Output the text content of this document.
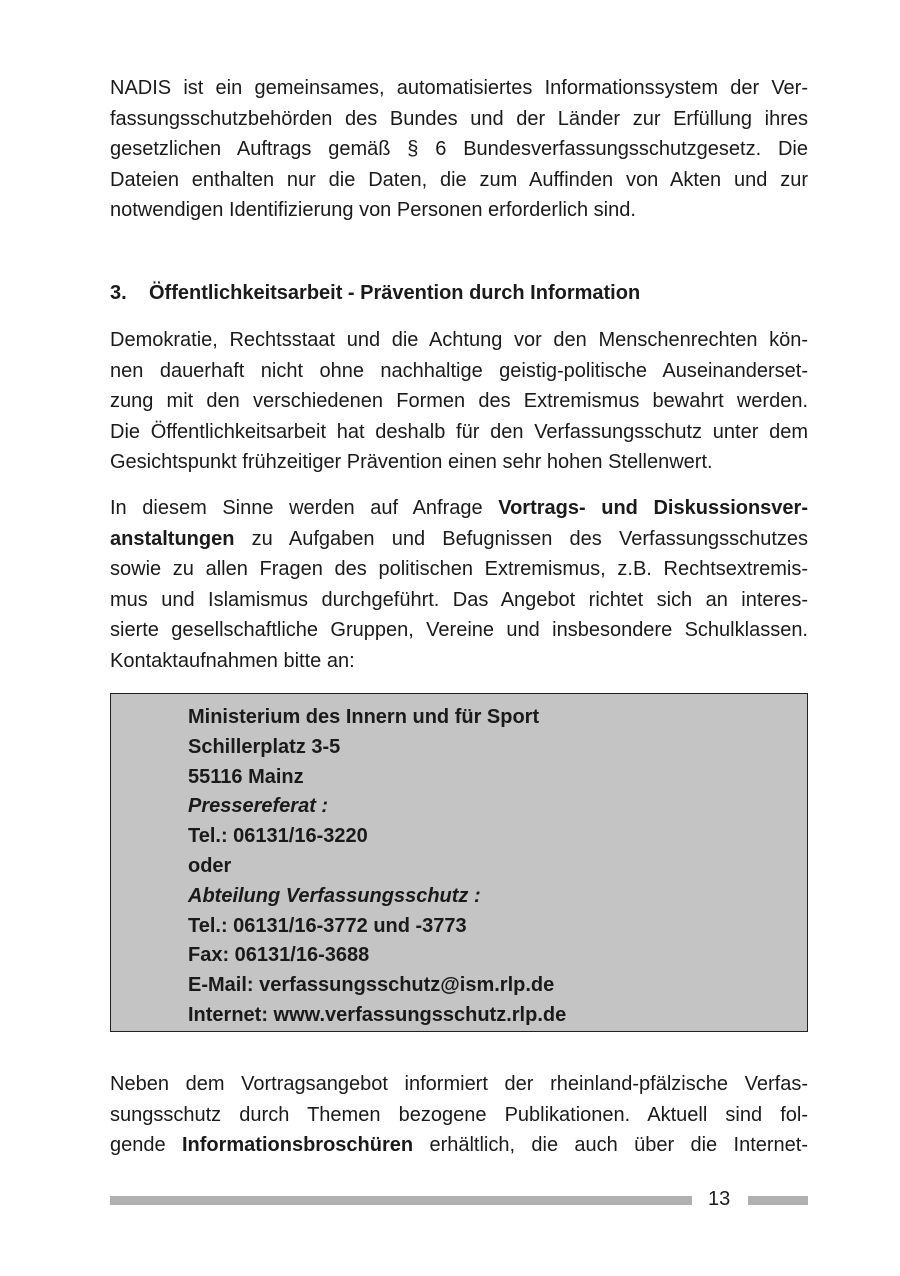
NADIS ist ein gemeinsames, automatisiertes Informationssystem der Ver-
fassungsschutzbehörden des Bundes und der Länder zur Erfüllung ihres
gesetzlichen Auftrags gemäß § 6 Bundesverfassungsschutzgesetz. Die
Dateien enthalten nur die Daten, die zum Auffinden von Akten und zur
notwendigen Identifizierung von Personen erforderlich sind.
3. Öffentlichkeitsarbeit - Prävention durch Information
Demokratie, Rechtsstaat und die Achtung vor den Menschenrechten kön-
nen dauerhaft nicht ohne nachhaltige geistig-politische Auseinanderset-
zung mit den verschiedenen Formen des Extremismus bewahrt werden.
Die Öffentlichkeitsarbeit hat deshalb für den Verfassungsschutz unter dem
Gesichtspunkt frühzeitiger Prävention einen sehr hohen Stellenwert.
In diesem Sinne werden auf Anfrage Vortrags- und Diskussionsver-
anstaltungen zu Aufgaben und Befugnissen des Verfassungsschutzes
sowie zu allen Fragen des politischen Extremismus, z.B. Rechtsextremis-
mus und Islamismus durchgeführt. Das Angebot richtet sich an interes-
sierte gesellschaftliche Gruppen, Vereine und insbesondere Schulklassen.
Kontaktaufnahmen bitte an:
Ministerium des Innern und für Sport
Schillerplatz 3-5
55116 Mainz
Pressereferat :
Tel.: 06131/16-3220
oder
Abteilung Verfassungsschutz :
Tel.: 06131/16-3772 und -3773
Fax: 06131/16-3688
E-Mail: verfassungsschutz@ism.rlp.de
Internet: www.verfassungsschutz.rlp.de
Neben dem Vortragsangebot informiert der rheinland-pfälzische Verfas-
sungsschutz durch Themen bezogene Publikationen. Aktuell sind fol-
gende Informationsbroschüren erhältlich, die auch über die Internet-
13
